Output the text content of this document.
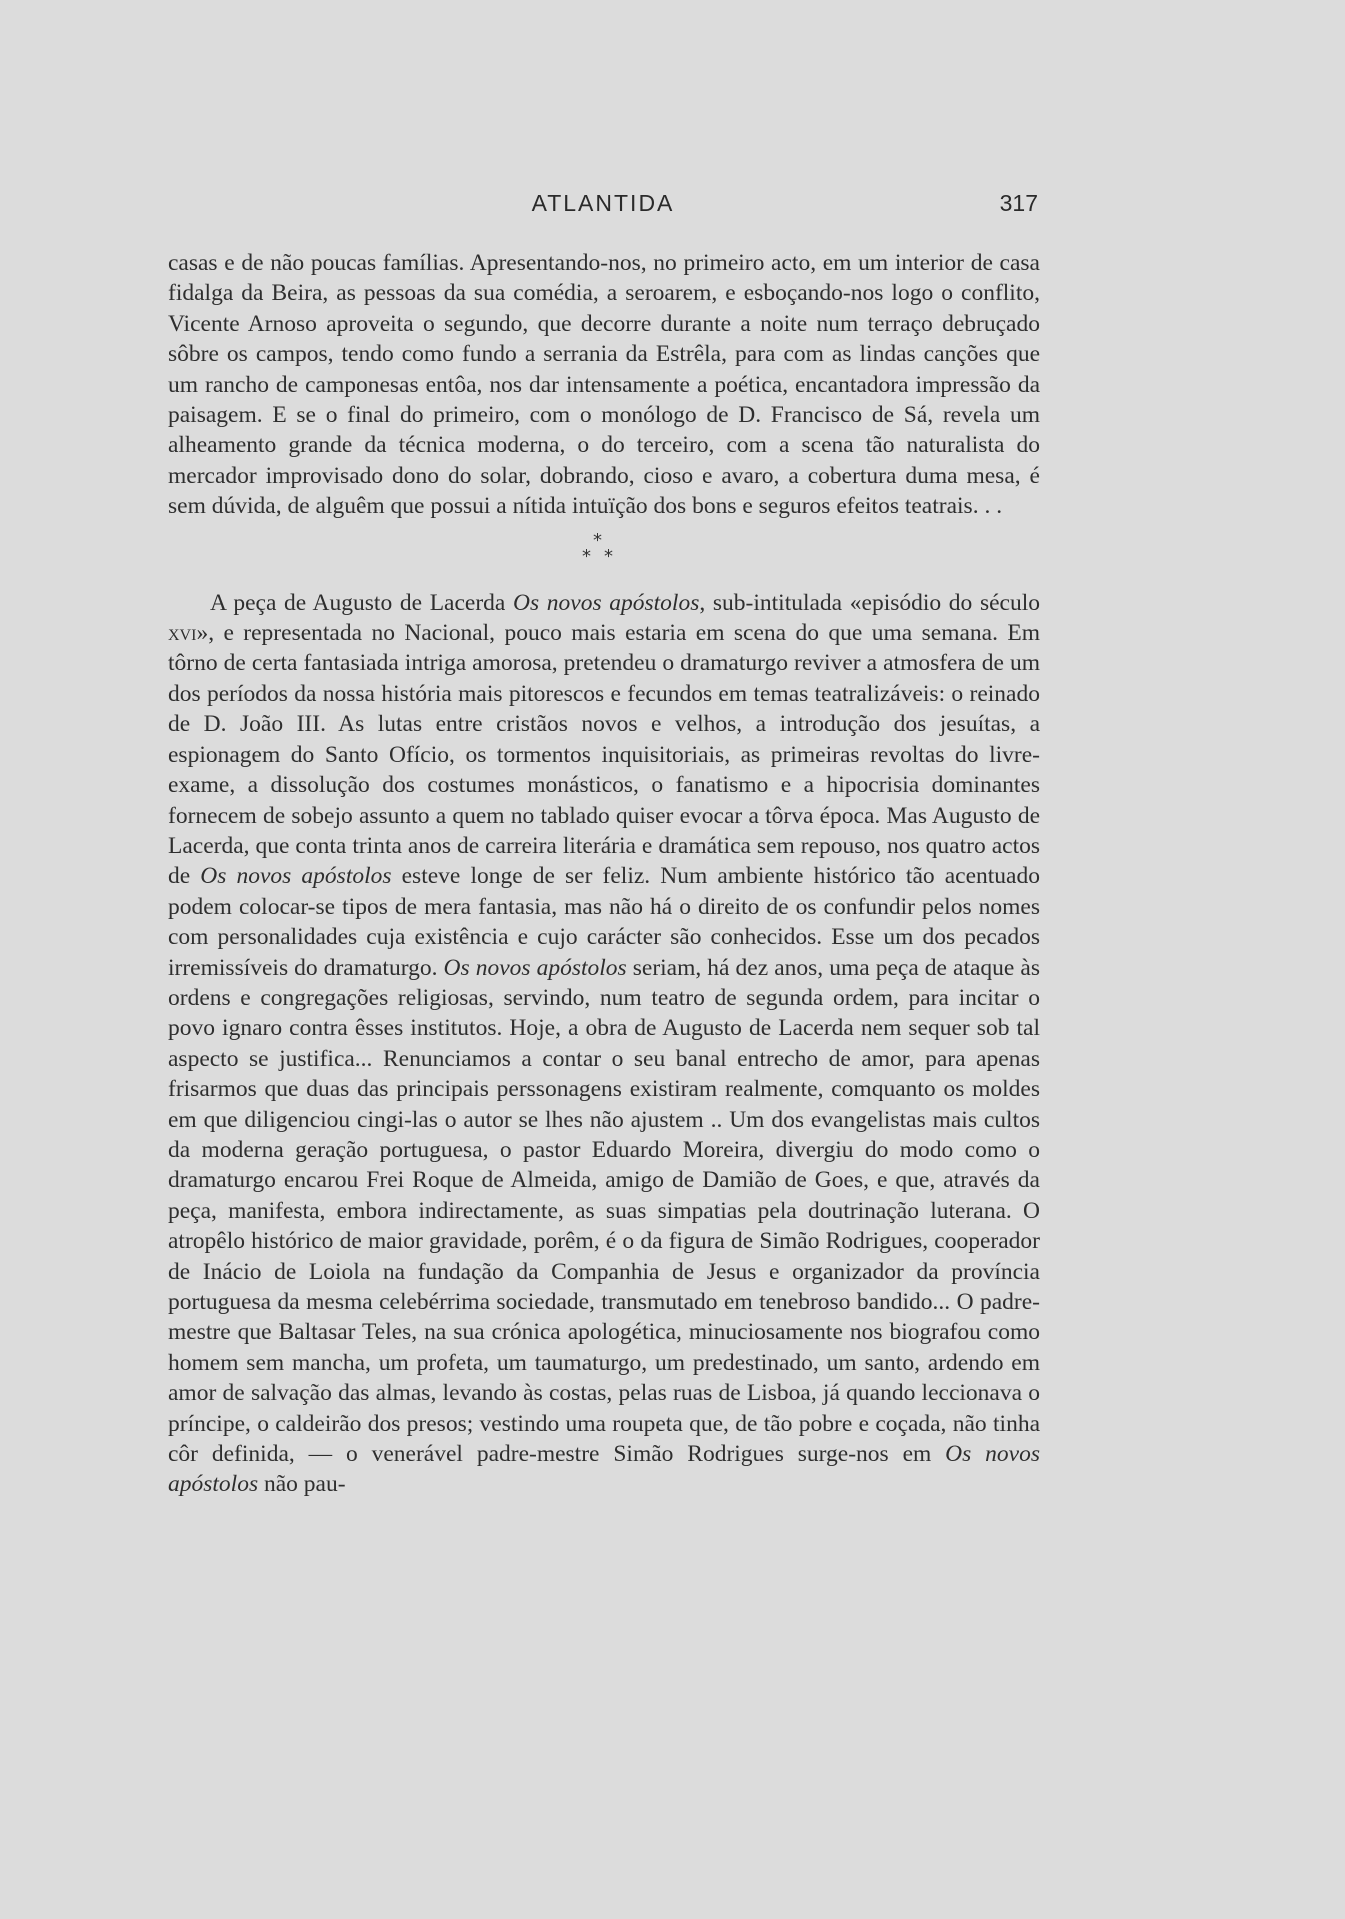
ATLANTIDA	317

casas e de não poucas famílias. Apresentando-nos, no primeiro acto, em um interior de casa fidalga da Beira, as pessoas da sua comédia, a seroarem, e esboçando-nos logo o conflito, Vicente Arnoso aproveita o segundo, que decorre durante a noite num terraço debruçado sôbre os campos, tendo como fundo a serrania da Estrêla, para com as lindas canções que um rancho de camponesas entôa, nos dar intensamente a poética, encantadora impressão da paisagem. E se o final do primeiro, com o monólogo de D. Francisco de Sá, revela um alheamento grande da técnica moderna, o do terceiro, com a scena tão naturalista do mercador improvisado dono do solar, dobrando, cioso e avaro, a cobertura duma mesa, é sem dúvida, de alguêm que possui a nítida intuïção dos bons e seguros efeitos teatrais. . .

*
* *

A peça de Augusto de Lacerda Os novos apóstolos, sub-intitulada «episódio do século xvi», e representada no Nacional, pouco mais estaria em scena do que uma semana. Em tôrno de certa fantasiada intriga amorosa, pretendeu o dramaturgo reviver a atmosfera de um dos períodos da nossa história mais pitorescos e fecundos em temas teatralizáveis: o reinado de D. João III. As lutas entre cristãos novos e velhos, a introdução dos jesuítas, a espionagem do Santo Ofício, os tormentos inquisitoriais, as primeiras revoltas do livre-exame, a dissolução dos costumes monásticos, o fanatismo e a hipocrisia dominantes fornecem de sobejo assunto a quem no tablado quiser evocar a tôrva época. Mas Augusto de Lacerda, que conta trinta anos de carreira literária e dramática sem repouso, nos quatro actos de Os novos apóstolos esteve longe de ser feliz. Num ambiente histórico tão acentuado podem colocar-se tipos de mera fantasia, mas não há o direito de os confundir pelos nomes com personalidades cuja existência e cujo carácter são conhecidos. Esse um dos pecados irremissíveis do dramaturgo. Os novos apóstolos seriam, há dez anos, uma peça de ataque às ordens e congregações religiosas, servindo, num teatro de segunda ordem, para incitar o povo ignaro contra êsses institutos. Hoje, a obra de Augusto de Lacerda nem sequer sob tal aspecto se justifica... Renunciamos a contar o seu banal entrecho de amor, para apenas frisarmos que duas das principais perssonagens existiram realmente, comquanto os moldes em que diligenciou cingi-las o autor se lhes não ajustem .. Um dos evangelistas mais cultos da moderna geração portuguesa, o pastor Eduardo Moreira, divergiu do modo como o dramaturgo encarou Frei Roque de Almeida, amigo de Damião de Goes, e que, através da peça, manifesta, embora indirectamente, as suas simpatias pela doutrinação luterana. O atropêlo histórico de maior gravidade, porêm, é o da figura de Simão Rodrigues, cooperador de Inácio de Loiola na fundação da Companhia de Jesus e organizador da província portuguesa da mesma celebérrima sociedade, transmutado em tenebroso bandido... O padre-mestre que Baltasar Teles, na sua crónica apologética, minuciosamente nos biografou como homem sem mancha, um profeta, um taumaturgo, um predestinado, um santo, ardendo em amor de salvação das almas, levando às costas, pelas ruas de Lisboa, já quando leccionava o príncipe, o caldeirão dos presos; vestindo uma roupeta que, de tão pobre e coçada, não tinha côr definida, — o venerável padre-mestre Simão Rodrigues surge-nos em Os novos apóstolos não pau-
